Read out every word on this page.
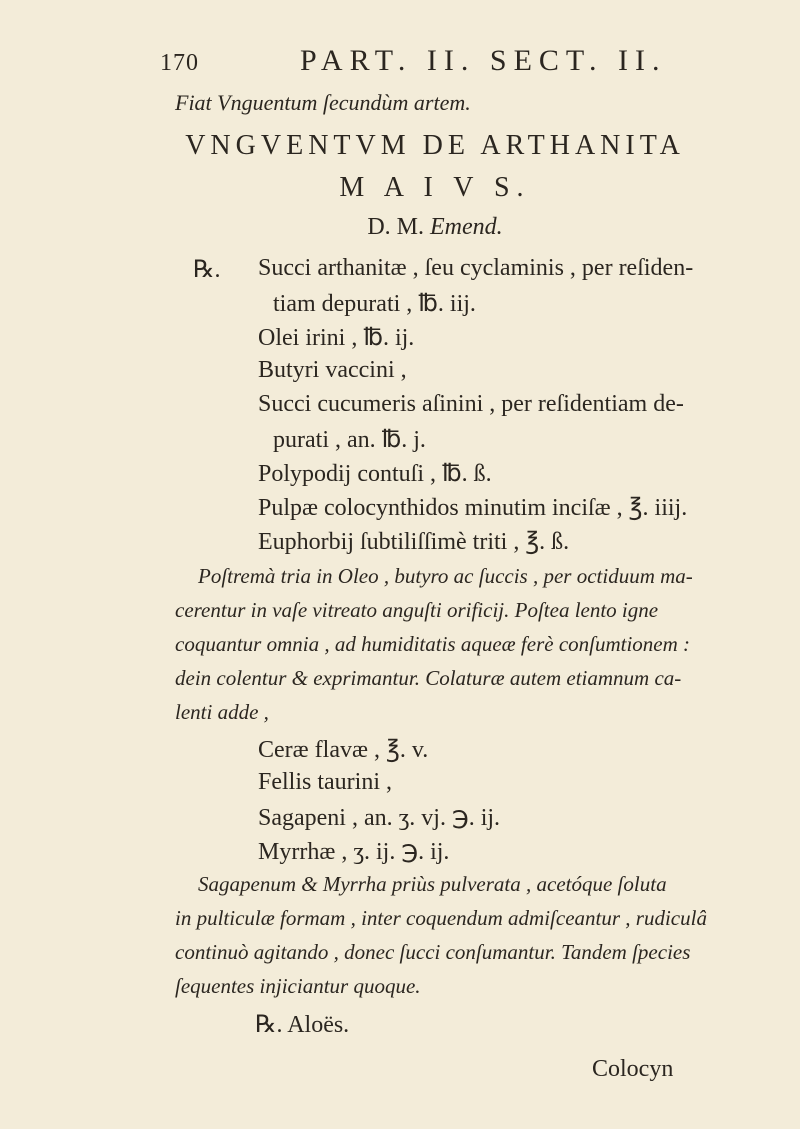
170	PART. II. SECT. II.
Fiat Vnguentum ſecundùm artem.
VNGVENTVM DE ARTHANITA
M A I V S.
D. M. Emend.
℞. Succi arthanitæ , ſeu cyclaminis , per reſiden-
tiam depurati , ℔. iij.
Olei irini , ℔. ij.
Butyri vaccini ,
Succi cucumeris aſinini , per reſidentiam de-
purati , an. ℔. j.
Polypodij contuſi , ℔. ß.
Pulpæ colocynthidos minutim inciſæ , ℥. iiij.
Euphorbij ſubtiliſſimè triti , ℥. ß.
Poſtremà tria in Oleo , butyro ac ſuccis , per octiduum ma-
cerentur in vaſe vitreato anguſti orificij. Poſtea lento igne
coquantur omnia , ad humiditatis aqueæ ferè conſumtionem :
dein colentur & exprimantur. Colaturæ autem etiamnum ca-
lenti adde ,
Ceræ flavæ , ℥. v.
Fellis taurini ,
Sagapeni , an. ʒ. vj. ℈. ij.
Myrrhæ , ʒ. ij. ℈. ij.
Sagapenum & Myrrha priùs pulverata , acetóque ſoluta
in pulticulæ formam , inter coquendum admiſceantur , rudiculâ
continuò agitando , donec ſucci conſumantur. Tandem ſpecies
ſequentes injiciantur quoque.
℞. Aloës.
Colocyn
